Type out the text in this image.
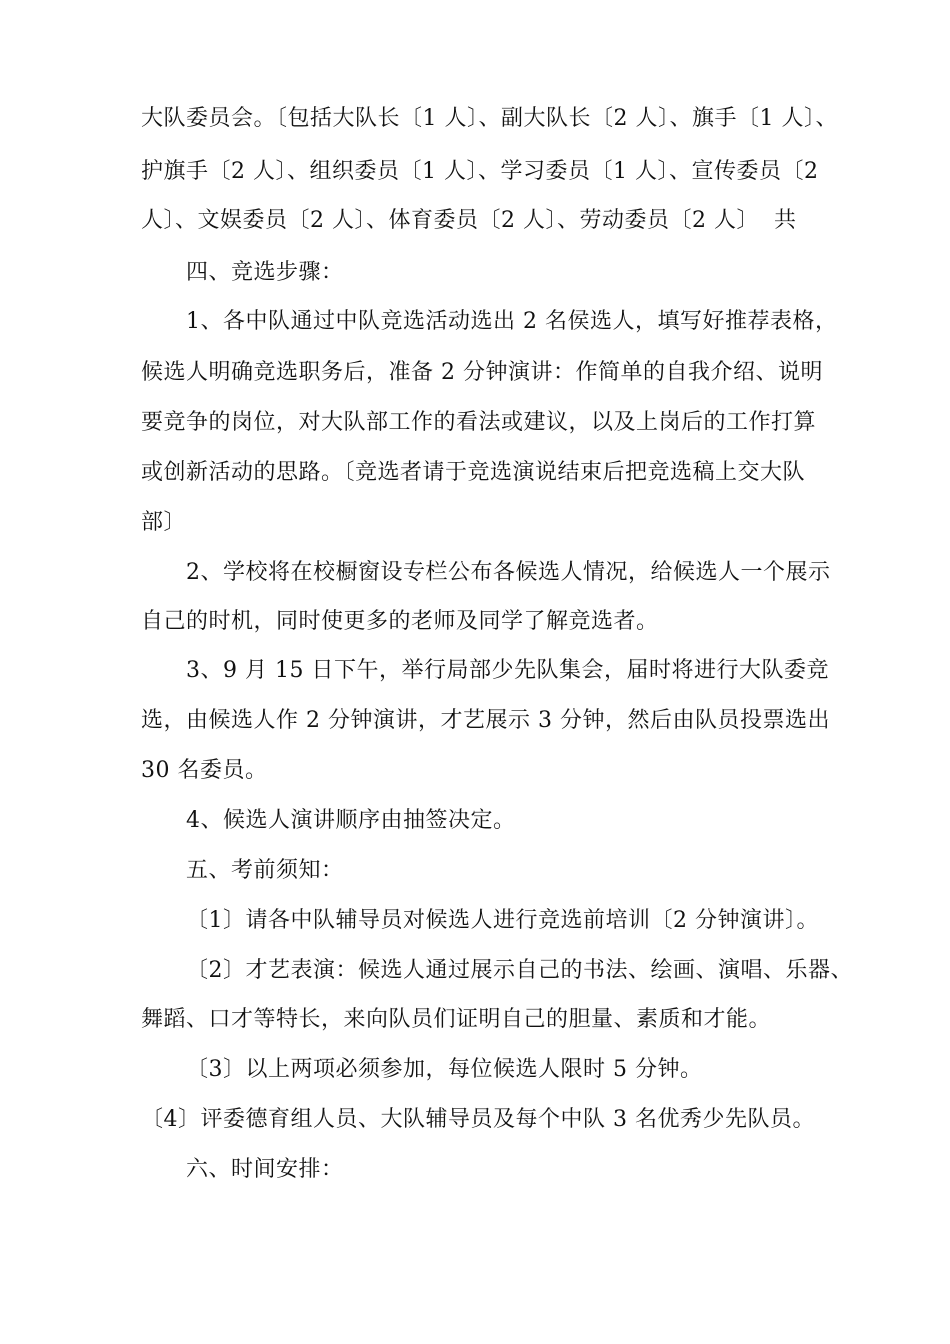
大队委员会。〔包括大队长〔1 人〕、副大队长〔2 人〕、旗手〔1 人〕、
护旗手〔2 人〕、组织委员〔1 人〕、学习委员〔1 人〕、宣传委员〔2
人〕、文娱委员〔2 人〕、体育委员〔2 人〕、劳动委员〔2 人〕  共
四、竞选步骤：
1、各中队通过中队竞选活动选出 2 名侯选人，填写好推荐表格，
候选人明确竞选职务后，准备 2 分钟演讲：作简单的自我介绍、说明
要竞争的岗位，对大队部工作的看法或建议，以及上岗后的工作打算
或创新活动的思路。〔竞选者请于竞选演说结束后把竞选稿上交大队
部〕
2、学校将在校橱窗设专栏公布各候选人情况，给候选人一个展示
自己的时机，同时使更多的老师及同学了解竞选者。
3、9 月 15 日下午，举行局部少先队集会，届时将进行大队委竞
选，由候选人作 2 分钟演讲，才艺展示 3 分钟，然后由队员投票选出
30 名委员。
4、候选人演讲顺序由抽签决定。
五、考前须知：
〔1〕请各中队辅导员对候选人进行竞选前培训〔2 分钟演讲〕。
〔2〕才艺表演：候选人通过展示自己的书法、绘画、演唱、乐器、
舞蹈、口才等特长，来向队员们证明自己的胆量、素质和才能。
〔3〕以上两项必须参加，每位候选人限时 5 分钟。
〔4〕评委德育组人员、大队辅导员及每个中队 3 名优秀少先队员。
六、时间安排：
